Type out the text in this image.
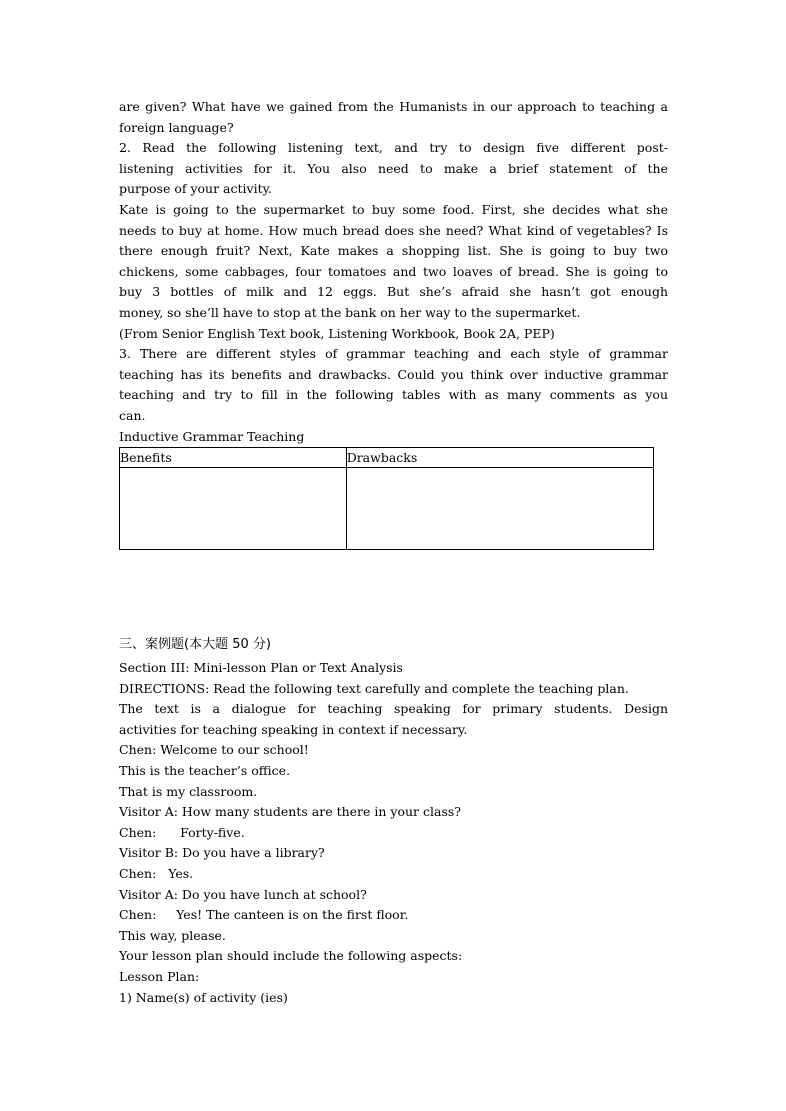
are given? What have we gained from the Humanists in our approach to teaching a

foreign language?

2. Read the following listening text, and try to design five different post-

listening activities for it. You also need to make a brief statement of the

purpose of your activity.

Kate is going to the supermarket to buy some food. First, she decides what she

needs to buy at home. How much bread does she need? What kind of vegetables? Is

there enough fruit? Next, Kate makes a shopping list. She is going to buy two

chickens, some cabbages, four tomatoes and two loaves of bread. She is going to

buy 3 bottles of milk and 12 eggs. But she’s afraid she hasn’t got enough

money, so she’ll have to stop at the bank on her way to the supermarket.

(From Senior English Text book, Listening Workbook, Book 2A, PEP)

3. There are different styles of grammar teaching and each style of grammar

teaching has its benefits and drawbacks. Could you think over inductive grammar

teaching and try to fill in the following tables with as many comments as you

can.

Inductive Grammar Teaching

Benefits	Drawbacks

三、案例题(本大题 50 分)

Section III: Mini-lesson Plan or Text Analysis

DIRECTIONS: Read the following text carefully and complete the teaching plan.

The text is a dialogue for teaching speaking for primary students. Design

activities for teaching speaking in context if necessary.

Chen: Welcome to our school!

This is the teacher’s office.

That is my classroom.

Visitor A: How many students are there in your class?

Chen:      Forty-five.

Visitor B: Do you have a library?

Chen:   Yes.

Visitor A: Do you have lunch at school?

Chen:     Yes! The canteen is on the first floor.

This way, please.

Your lesson plan should include the following aspects:

Lesson Plan:

1) Name(s) of activity (ies)
